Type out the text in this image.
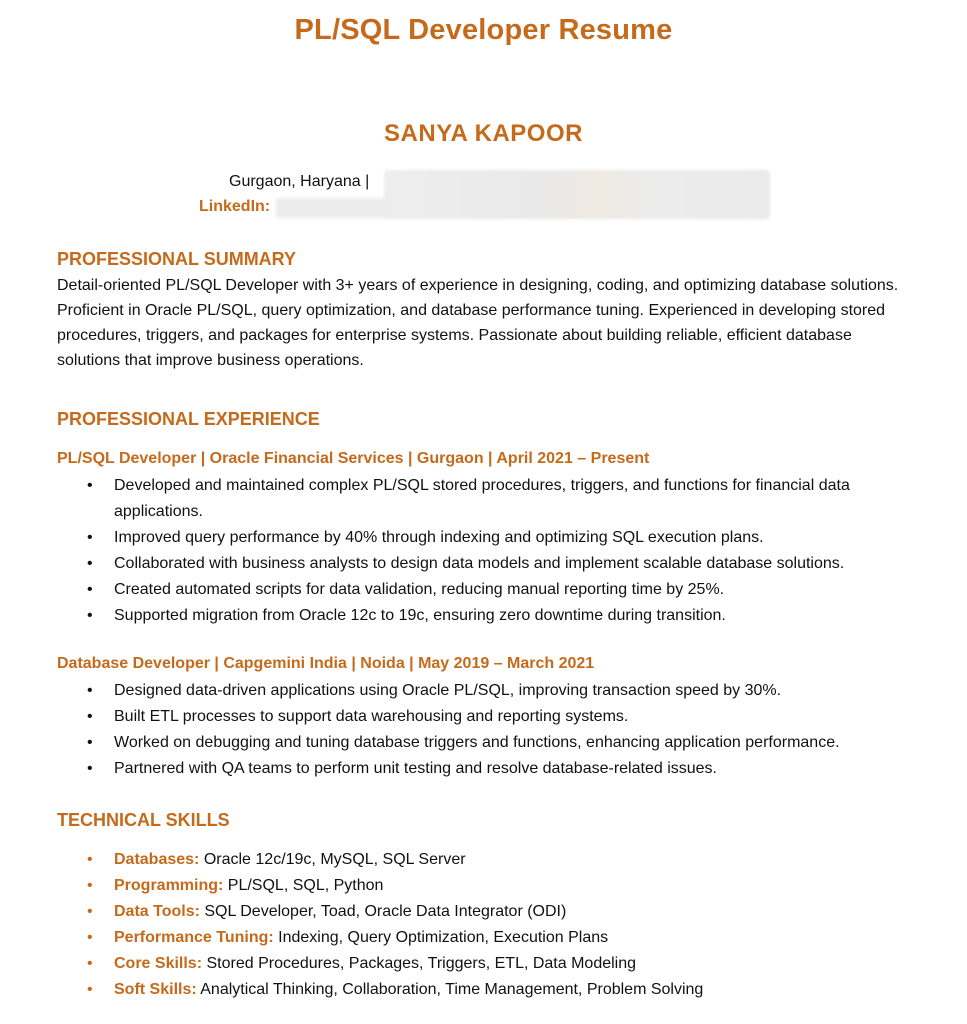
PL/SQL Developer Resume
SANYA KAPOOR
Gurgaon, Haryana |
LinkedIn:
PROFESSIONAL SUMMARY

Detail-oriented PL/SQL Developer with 3+ years of experience in designing, coding, and optimizing database solutions. Proficient in Oracle PL/SQL, query optimization, and database performance tuning. Experienced in developing stored procedures, triggers, and packages for enterprise systems. Passionate about building reliable, efficient database solutions that improve business operations.

PROFESSIONAL EXPERIENCE
PL/SQL Developer | Oracle Financial Services | Gurgaon | April 2021 – Present
• Developed and maintained complex PL/SQL stored procedures, triggers, and functions for financial data applications.
• Improved query performance by 40% through indexing and optimizing SQL execution plans.
• Collaborated with business analysts to design data models and implement scalable database solutions.
• Created automated scripts for data validation, reducing manual reporting time by 25%.
• Supported migration from Oracle 12c to 19c, ensuring zero downtime during transition.
Database Developer | Capgemini India | Noida | May 2019 – March 2021
• Designed data-driven applications using Oracle PL/SQL, improving transaction speed by 30%.
• Built ETL processes to support data warehousing and reporting systems.
• Worked on debugging and tuning database triggers and functions, enhancing application performance.
• Partnered with QA teams to perform unit testing and resolve database-related issues.
TECHNICAL SKILLS
• Databases: Oracle 12c/19c, MySQL, SQL Server
• Programming: PL/SQL, SQL, Python
• Data Tools: SQL Developer, Toad, Oracle Data Integrator (ODI)
• Performance Tuning: Indexing, Query Optimization, Execution Plans
• Core Skills: Stored Procedures, Packages, Triggers, ETL, Data Modeling
• Soft Skills: Analytical Thinking, Collaboration, Time Management, Problem Solving
